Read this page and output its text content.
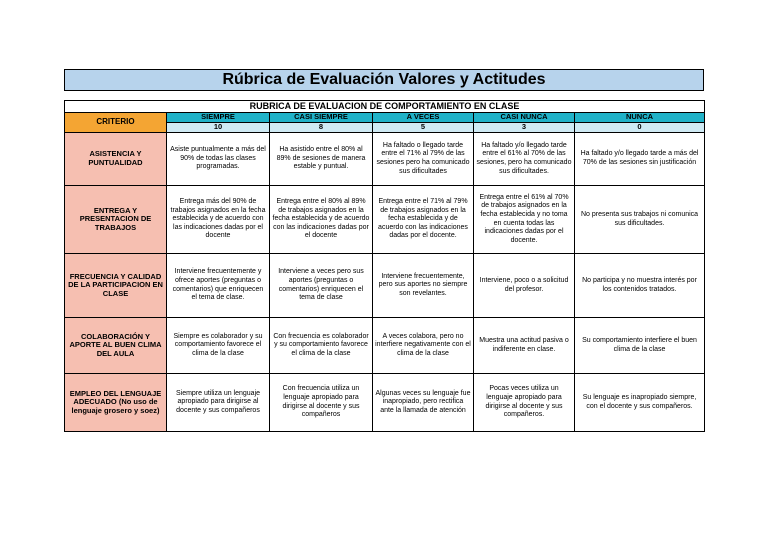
Rúbrica de Evaluación Valores y Actitudes
RUBRICA DE EVALUACION DE COMPORTAMIENTO EN CLASE					
CRITERIO	SIEMPRE	CASI SIEMPRE	A VECES	CASI NUNCA	NUNCA
	10	8	5	3	0
ASISTENCIA Y PUNTUALIDAD	Asiste puntualmente a más del 90% de todas las clases programadas.	Ha asistido entre el 80% al 89% de sesiones de manera estable y puntual.	Ha faltado o llegado tarde entre el 71% al 79% de las sesiones pero ha comunicado sus dificultades	Ha faltado y/o llegado tarde entre el 61% al 70% de las sesiones, pero ha comunicado sus dificultades.	Ha faltado y/o llegado tarde a más del 70% de las sesiones sin justificación
ENTREGA Y PRESENTACION DE TRABAJOS	Entrega más del 90% de trabajos asignados en la fecha establecida y de acuerdo con las indicaciones dadas por el docente	Entrega entre el 80% al 89% de trabajos asignados en la fecha establecida y de acuerdo con las indicaciones dadas por el docente	Entrega entre el 71% al 79% de trabajos asignados en la fecha establecida y de acuerdo con las indicaciones dadas por el docente.	Entrega entre el 61% al 70% de trabajos asignados en la fecha establecida y no toma en cuenta todas las indicaciones dadas por el docente.	No presenta sus trabajos ni comunica sus dificultades.
FRECUENCIA Y CALIDAD DE LA PARTICIPACION EN CLASE	Interviene frecuentemente y ofrece aportes (preguntas o comentarios) que enriquecen el tema de clase.	Interviene a veces pero sus aportes (preguntas o comentarios) enriquecen el tema de clase	Interviene frecuentemente, pero sus aportes no siempre son revelantes.	Interviene, poco o a solicitud del profesor.	No participa y no muestra interés por los contenidos tratados.
COLABORACIÓN Y APORTE AL BUEN CLIMA DEL AULA	Siempre es colaborador y su comportamiento favorece el clima de la clase	Con frecuencia es colaborador y su comportamiento favorece el clima de la clase	A veces colabora, pero no interfiere negativamente con el clima de la clase	Muestra una actitud pasiva o indiferente en clase.	Su comportamiento interfiere el buen clima de la clase
EMPLEO DEL LENGUAJE ADECUADO (No uso de lenguaje grosero y soez)	Siempre utiliza un lenguaje apropiado para dirigirse al docente y sus compañeros	Con frecuencia utiliza un lenguaje apropiado para dirigirse al docente y sus compañeros	Algunas veces su lenguaje fue inapropiado, pero rectifica ante la llamada de atención	Pocas veces utiliza un lenguaje apropiado para dirigirse al docente y sus compañeros.	Su lenguaje es inapropiado siempre, con el docente y sus compañeros.
